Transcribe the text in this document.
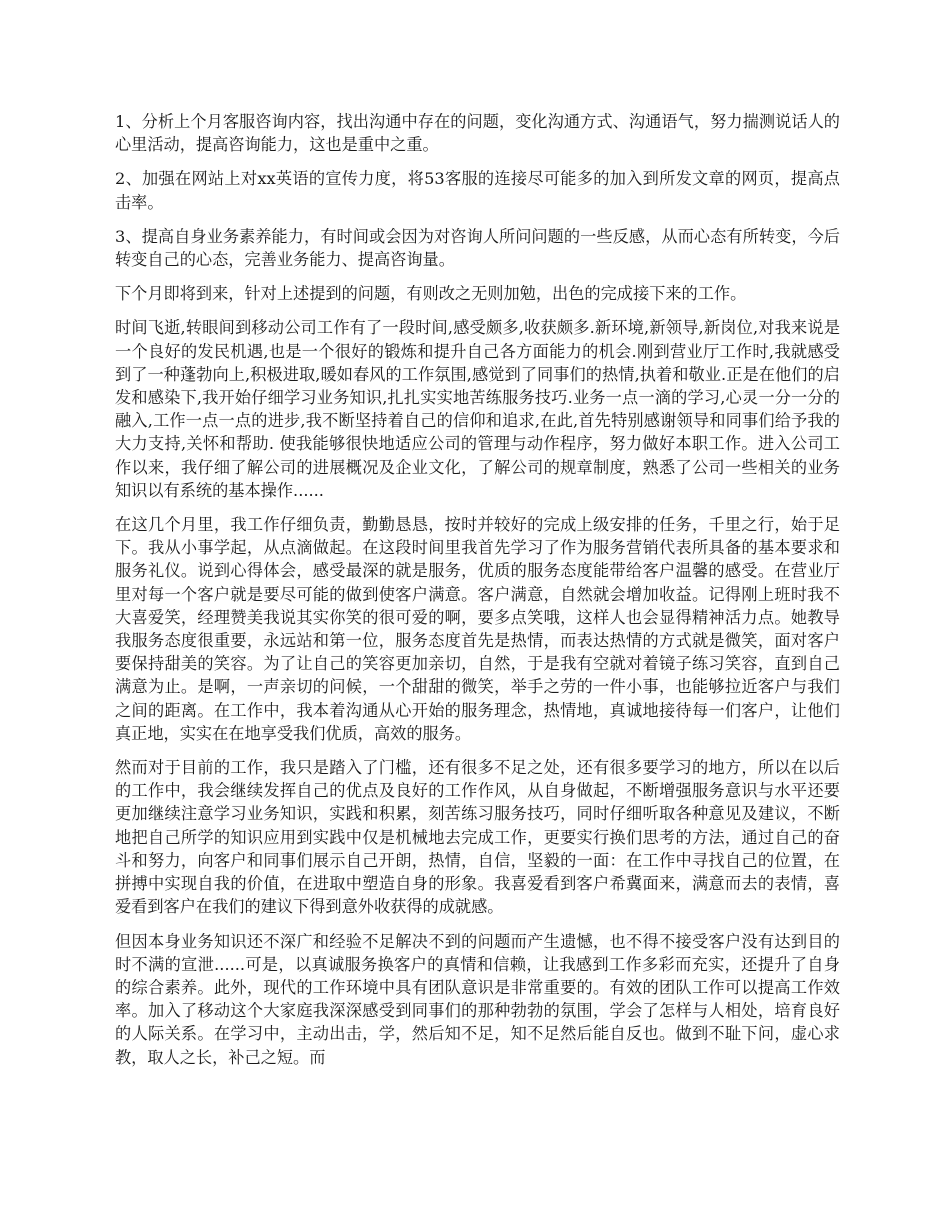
1、分析上个月客服咨询内容，找出沟通中存在的问题，变化沟通方式、沟通语气，努力揣测说话人的心里活动，提高咨询能力，这也是重中之重。

2、加强在网站上对xx英语的宣传力度，将53客服的连接尽可能多的加入到所发文章的网页，提高点击率。

3、提高自身业务素养能力，有时间或会因为对咨询人所问问题的一些反感，从而心态有所转变，今后转变自己的心态，完善业务能力、提高咨询量。

下个月即将到来，针对上述提到的问题，有则改之无则加勉，出色的完成接下来的工作。

时间飞逝,转眼间到移动公司工作有了一段时间,感受颇多,收获颇多.新环境,新领导,新岗位,对我来说是一个良好的发民机遇,也是一个很好的锻炼和提升自己各方面能力的机会.刚到营业厅工作时,我就感受到了一种蓬勃向上,积极进取,暖如春风的工作氛围,感觉到了同事们的热情,执着和敬业.正是在他们的启发和感染下,我开始仔细学习业务知识,扎扎实实地苦练服务技巧.业务一点一滴的学习,心灵一分一分的融入,工作一点一点的进步,我不断坚持着自己的信仰和追求,在此,首先特别感谢领导和同事们给予我的大力支持,关怀和帮助. 使我能够很快地适应公司的管理与动作程序，努力做好本职工作。进入公司工作以来，我仔细了解公司的进展概况及企业文化，了解公司的规章制度，熟悉了公司一些相关的业务知识以有系统的基本操作......

在这几个月里，我工作仔细负责，勤勤恳恳，按时并较好的完成上级安排的任务，千里之行，始于足下。我从小事学起，从点滴做起。在这段时间里我首先学习了作为服务营销代表所具备的基本要求和服务礼仪。说到心得体会，感受最深的就是服务，优质的服务态度能带给客户温馨的感受。在营业厅里对每一个客户就是要尽可能的做到使客户满意。客户满意，自然就会增加收益。记得刚上班时我不大喜爱笑，经理赞美我说其实你笑的很可爱的啊，要多点笑哦，这样人也会显得精神活力点。她教导我服务态度很重要，永远站和第一位，服务态度首先是热情，而表达热情的方式就是微笑，面对客户要保持甜美的笑容。为了让自己的笑容更加亲切，自然，于是我有空就对着镜子练习笑容，直到自己满意为止。是啊，一声亲切的问候，一个甜甜的微笑，举手之劳的一件小事，也能够拉近客户与我们之间的距离。在工作中，我本着沟通从心开始的服务理念，热情地，真诚地接待每一们客户，让他们真正地，实实在在地享受我们优质，高效的服务。

然而对于目前的工作，我只是踏入了门槛，还有很多不足之处，还有很多要学习的地方，所以在以后的工作中，我会继续发挥自己的优点及良好的工作作风，从自身做起，不断增强服务意识与水平还要更加继续注意学习业务知识，实践和积累，刻苦练习服务技巧，同时仔细听取各种意见及建议，不断地把自己所学的知识应用到实践中仅是机械地去完成工作，更要实行换们思考的方法，通过自己的奋斗和努力，向客户和同事们展示自己开朗，热情，自信，坚毅的一面：在工作中寻找自己的位置，在拼搏中实现自我的价值，在进取中塑造自身的形象。我喜爱看到客户希冀面来，满意而去的表情，喜爱看到客户在我们的建议下得到意外收获得的成就感。

但因本身业务知识还不深广和经验不足解决不到的问题而产生遗憾，也不得不接受客户没有达到目的时不满的宣泄......可是，以真诚服务换客户的真情和信赖，让我感到工作多彩而充实，还提升了自身的综合素养。此外，现代的工作环境中具有团队意识是非常重要的。有效的团队工作可以提高工作效率。加入了移动这个大家庭我深深感受到同事们的那种勃勃的氛围，学会了怎样与人相处，培育良好的人际关系。在学习中，主动出击，学，然后知不足，知不足然后能自反也。做到不耻下问，虚心求教，取人之长，补己之短。而
